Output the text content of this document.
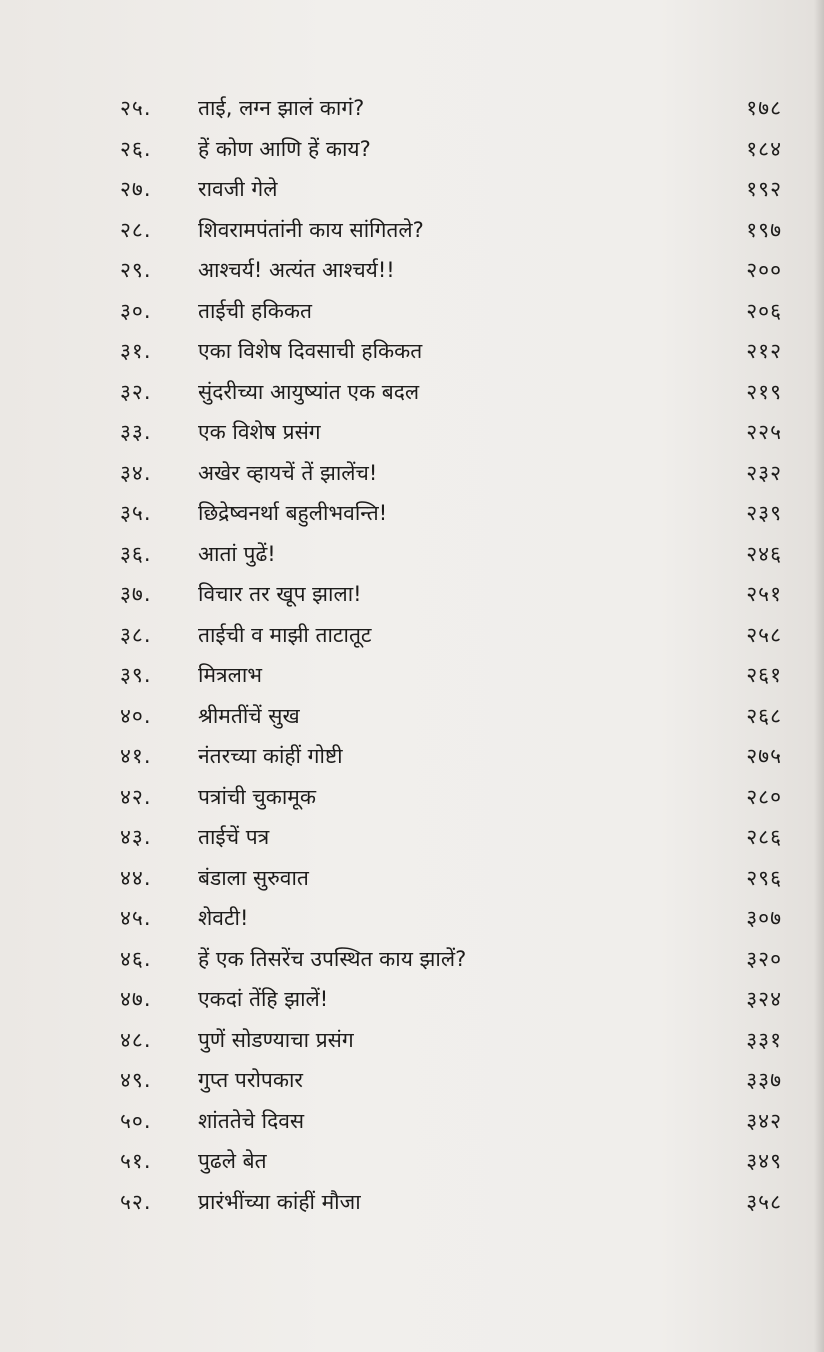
२५. ताई, लग्न झालं कागं?	१७८
२६. हें कोण आणि हें काय?	१८४
२७. रावजी गेले	१९२
२८. शिवरामपंतांनी काय सांगितले?	१९७
२९. आश्चर्य! अत्यंत आश्चर्य!!	२००
३०. ताईची हकिकत	२०६
३१. एका विशेष दिवसाची हकिकत	२१२
३२. सुंदरीच्या आयुष्यांत एक बदल	२१९
३३. एक विशेष प्रसंग	२२५
३४. अखेर व्हायचें तें झालेंच!	२३२
३५. छिद्रेष्वनर्था बहुलीभवन्ति!	२३९
३६. आतां पुढें!	२४६
३७. विचार तर खूप झाला!	२५१
३८. ताईची व माझी ताटातूट	२५८
३९. मित्रलाभ	२६१
४०. श्रीमतींचें सुख	२६८
४१. नंतरच्या कांहीं गोष्टी	२७५
४२. पत्रांची चुकामूक	२८०
४३. ताईचें पत्र	२८६
४४. बंडाला सुरुवात	२९६
४५. शेवटी!	३०७
४६. हें एक तिसरेंच उपस्थित काय झालें?	३२०
४७. एकदां तेंहि झालें!	३२४
४८. पुणें सोडण्याचा प्रसंग	३३१
४९. गुप्त परोपकार	३३७
५०. शांततेचे दिवस	३४२
५१. पुढले बेत	३४९
५२. प्रारंभींच्या कांहीं मौजा	३५८
